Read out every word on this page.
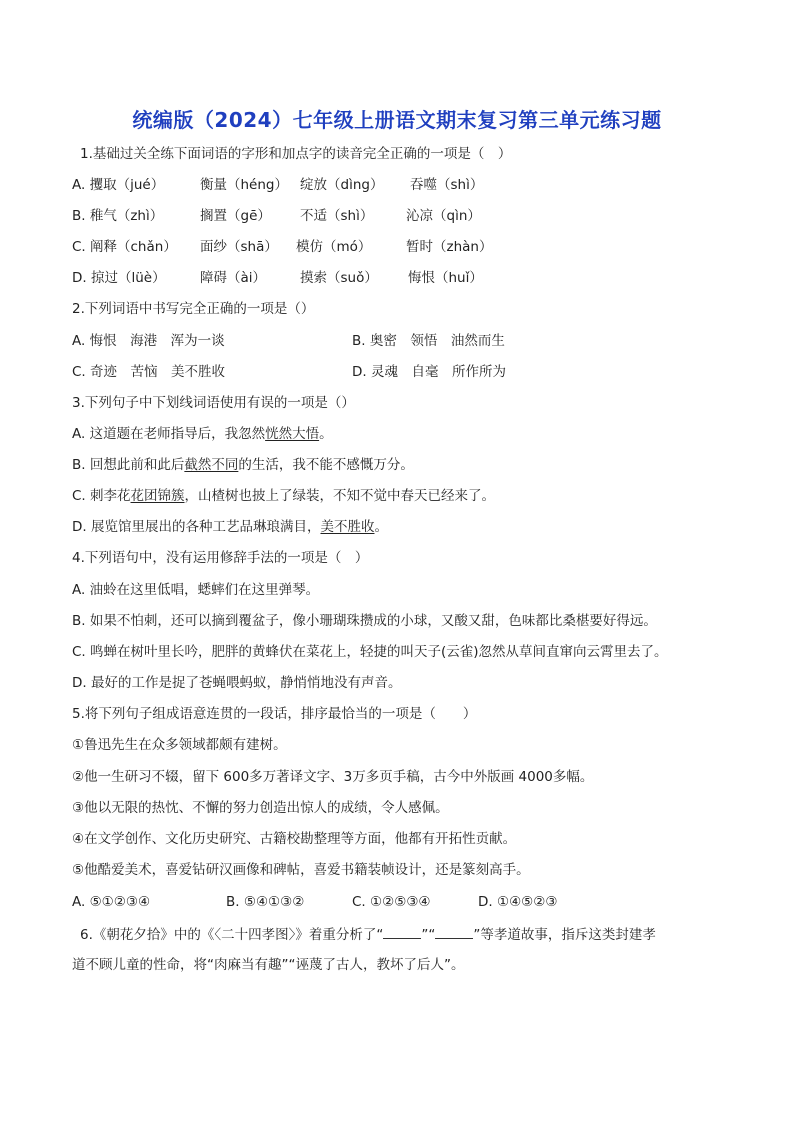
统编版（2024）七年级上册语文期末复习第三单元练习题
1.基础过关全练下面词语的字形和加点字的读音完全正确的一项是（　）
A. 攫取（jué）	衡量（héng） 绽放（dìng） 吞噬（shì）
B. 稚气（zhì）	搁置（gē） 不适（shì） 沁凉（qìn）
C. 阐释（chǎn） 面纱（shā） 模仿（mó）	暂时（zhàn）
D. 掠过（lüè）	障碍（ài）	摸索（suǒ） 悔恨（huǐ）
2.下列词语中书写完全正确的一项是（）
A. 悔恨　海港　浑为一谈	B. 奥密　领悟　油然而生
C. 奇迹　苦恼　美不胜收	D. 灵魂　自毫　所作所为
3.下列句子中下划线词语使用有误的一项是（）
A. 这道题在老师指导后，我忽然恍然大悟。
B. 回想此前和此后截然不同的生活，我不能不感慨万分。
C. 刺李花花团锦簇，山楂树也披上了绿装，不知不觉中春天已经来了。
D. 展览馆里展出的各种工艺品琳琅满目，美不胜收。
4.下列语句中，没有运用修辞手法的一项是（　）
A. 油蛉在这里低唱，蟋蟀们在这里弹琴。
B. 如果不怕刺，还可以摘到覆盆子，像小珊瑚珠攒成的小球，又酸又甜，色味都比桑椹要好得远。
C. 鸣蝉在树叶里长吟，肥胖的黄蜂伏在菜花上，轻捷的叫天子(云雀)忽然从草间直窜向云霄里去了。
D. 最好的工作是捉了苍蝇喂蚂蚁，静悄悄地没有声音。
5.将下列句子组成语意连贯的一段话，排序最恰当的一项是（　　）
①鲁迅先生在众多领域都颇有建树。
②他一生研习不辍，留下 600多万著译文字、3万多页手稿，古今中外版画 4000多幅。
③他以无限的热忱、不懈的努力创造出惊人的成绩，令人感佩。
④在文学创作、文化历史研究、古籍校勘整理等方面，他都有开拓性贡献。
⑤他酷爱美术，喜爱钻研汉画像和碑帖，喜爱书籍装帧设计，还是篆刻高手。
A. ⑤①②③④	B. ⑤④①③②	C. ①②⑤③④	D. ①④⑤②③
6.《朝花夕拾》中的《〈二十四孝图〉》着重分析了“	”“	”等孝道故事，指斥这类封建孝
道不顾儿童的性命，将“肉麻当有趣”“诬蔑了古人，教坏了后人”。
